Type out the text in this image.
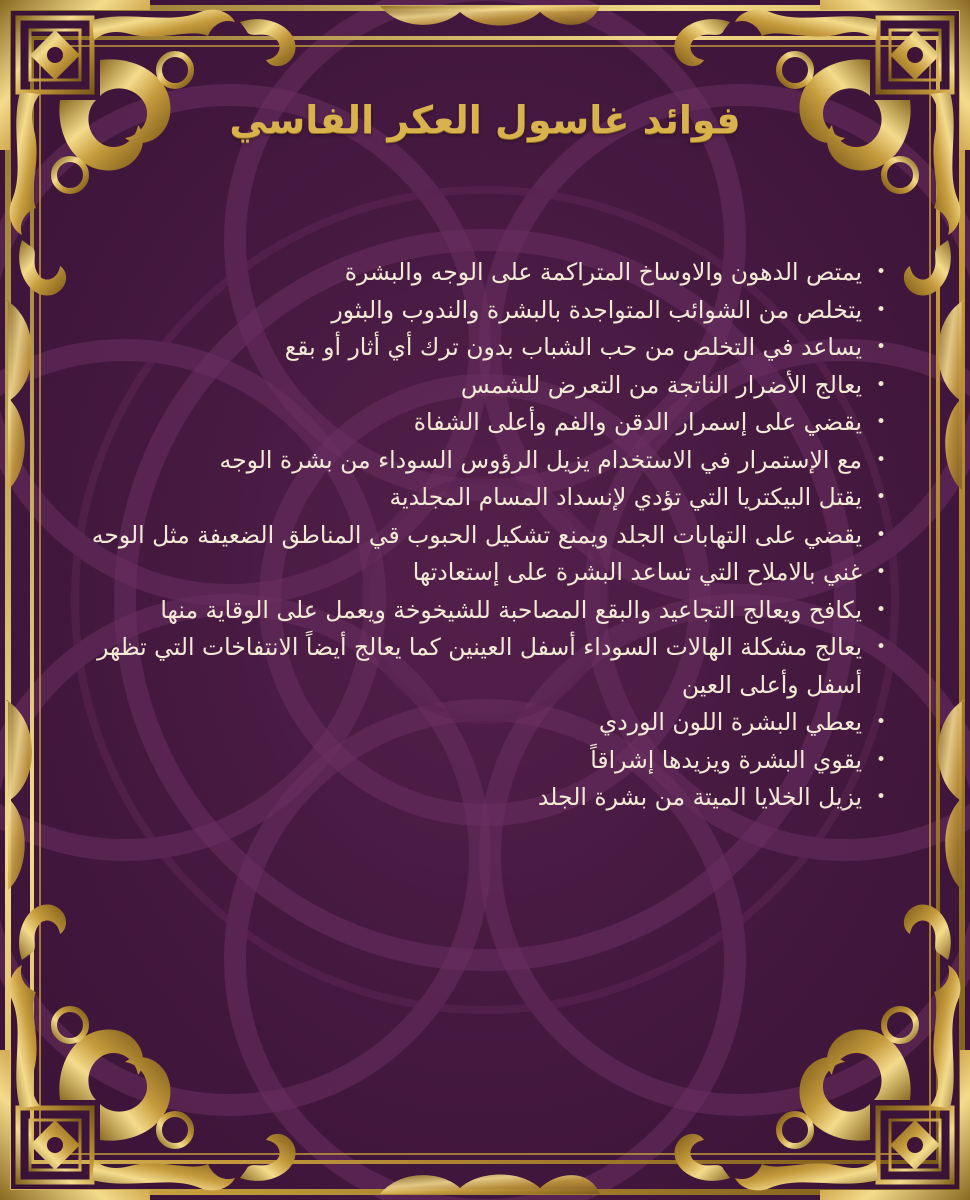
فوائد غاسول العكر الفاسي
•
يمتص الدهون والاوساخ المتراكمة على الوجه والبشرة
•
يتخلص من الشوائب المتواجدة بالبشرة والندوب والبثور
•
يساعد في التخلص من حب الشباب بدون ترك أي أثار أو بقع
•
يعالج الأضرار الناتجة من التعرض للشمس
•
يقضي على إسمرار الدقن والفم وأعلى الشفاة
•
مع الإستمرار في الاستخدام يزيل الرؤوس السوداء من بشرة الوجه
•
يقتل البيكتريا التي تؤدي لإنسداد المسام المجلدية
•
يقضي على التهابات الجلد ويمنع تشكيل الحبوب قي المناطق الضعيفة مثل الوحه
•
غني بالاملاح التي تساعد البشرة على إستعادتها
•
يكافح ويعالج التجاعيد والبقع المصاحبة للشيخوخة ويعمل على الوقاية منها
•
يعالج مشكلة الهالات السوداء أسفل العينين كما يعالج أيضاً الانتفاخات التي تظهر أسفل وأعلى العين
•
يعطي البشرة اللون الوردي
•
يقوي البشرة ويزيدها إشراقاً
•
يزيل الخلايا الميتة من بشرة الجلد
